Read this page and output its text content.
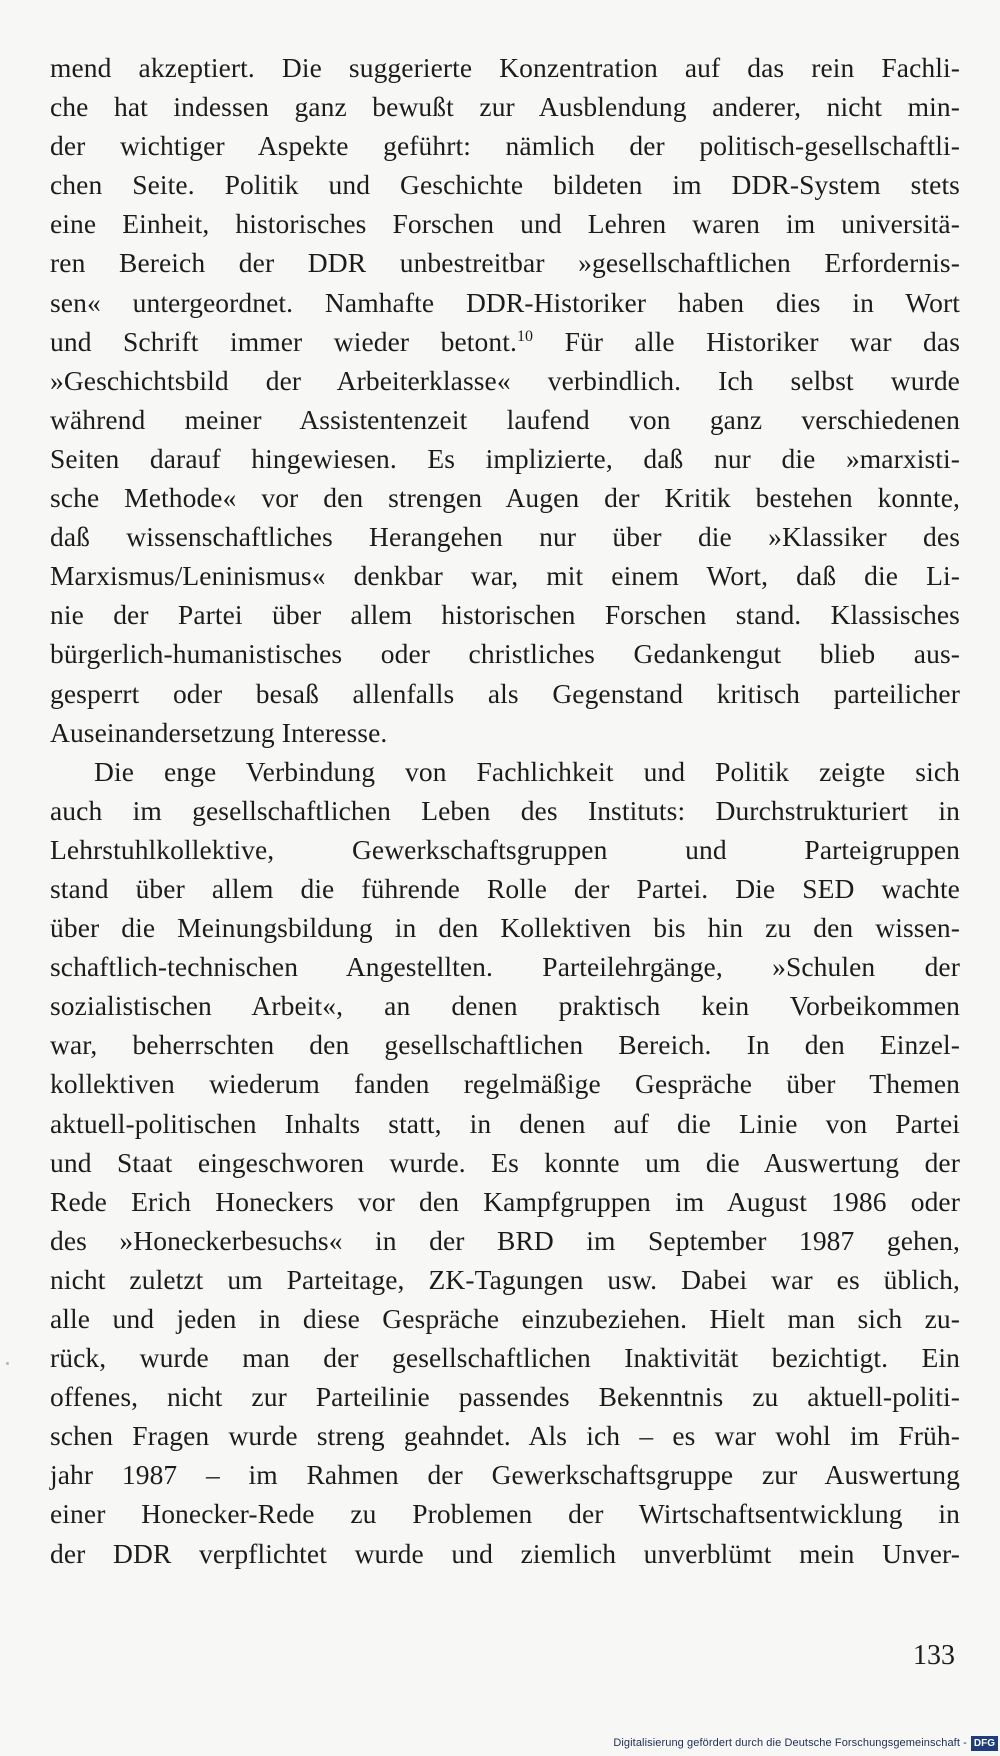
mend akzeptiert. Die suggerierte Konzentration auf das rein Fachli-
che hat indessen ganz bewußt zur Ausblendung anderer, nicht min-
der wichtiger Aspekte geführt: nämlich der politisch-gesellschaftli-
chen Seite. Politik und Geschichte bildeten im DDR-System stets
eine Einheit, historisches Forschen und Lehren waren im universitä-
ren Bereich der DDR unbestreitbar »gesellschaftlichen Erfordernis-
sen« untergeordnet. Namhafte DDR-Historiker haben dies in Wort
und Schrift immer wieder betont.$^{10}$ Für alle Historiker war das
»Geschichtsbild der Arbeiterklasse« verbindlich. Ich selbst wurde
während meiner Assistentenzeit laufend von ganz verschiedenen
Seiten darauf hingewiesen. Es implizierte, daß nur die »marxisti-
sche Methode« vor den strengen Augen der Kritik bestehen konnte,
daß wissenschaftliches Herangehen nur über die »Klassiker des
Marxismus/Leninismus« denkbar war, mit einem Wort, daß die Li-
nie der Partei über allem historischen Forschen stand. Klassisches
bürgerlich-humanistisches oder christliches Gedankengut blieb aus-
gesperrt oder besaß allenfalls als Gegenstand kritisch parteilicher
Auseinandersetzung Interesse.
Die enge Verbindung von Fachlichkeit und Politik zeigte sich
auch im gesellschaftlichen Leben des Instituts: Durchstrukturiert in
Lehrstuhlkollektive, Gewerkschaftsgruppen und Parteigruppen
stand über allem die führende Rolle der Partei. Die SED wachte
über die Meinungsbildung in den Kollektiven bis hin zu den wissen-
schaftlich-technischen Angestellten. Parteilehrgänge, »Schulen der
sozialistischen Arbeit«, an denen praktisch kein Vorbeikommen
war, beherrschten den gesellschaftlichen Bereich. In den Einzel-
kollektiven wiederum fanden regelmäßige Gespräche über Themen
aktuell-politischen Inhalts statt, in denen auf die Linie von Partei
und Staat eingeschworen wurde. Es konnte um die Auswertung der
Rede Erich Honeckers vor den Kampfgruppen im August 1986 oder
des »Honeckerbesuchs« in der BRD im September 1987 gehen,
nicht zuletzt um Parteitage, ZK-Tagungen usw. Dabei war es üblich,
alle und jeden in diese Gespräche einzubeziehen. Hielt man sich zu-
rück, wurde man der gesellschaftlichen Inaktivität bezichtigt. Ein
offenes, nicht zur Parteilinie passendes Bekenntnis zu aktuell-politi-
schen Fragen wurde streng geahndet. Als ich – es war wohl im Früh-
jahr 1987 – im Rahmen der Gewerkschaftsgruppe zur Auswertung
einer Honecker-Rede zu Problemen der Wirtschaftsentwicklung in
der DDR verpflichtet wurde und ziemlich unverblümt mein Unver-
133
Digitalisierung gefördert durch die Deutsche Forschungsgemeinschaft - DFG
